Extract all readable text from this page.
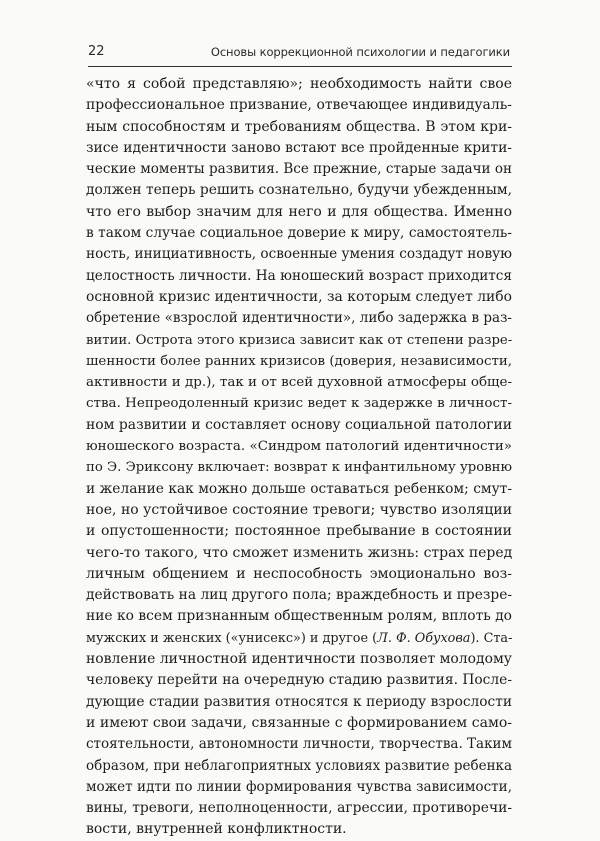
22	Основы коррекционной психологии и педагогики
«что я собой представляю»; необходимость найти свое
профессиональное призвание, отвечающее индивидуаль-
ным способностям и требованиям общества. В этом кри-
зисе идентичности заново встают все пройденные крити-
ческие моменты развития. Все прежние, старые задачи он
должен теперь решить сознательно, будучи убежденным,
что его выбор значим для него и для общества. Именно
в таком случае социальное доверие к миру, самостоятель-
ность, инициативность, освоенные умения создадут новую
целостность личности. На юношеский возраст приходится
основной кризис идентичности, за которым следует либо
обретение «взрослой идентичности», либо задержка в раз-
витии. Острота этого кризиса зависит как от степени разре-
шенности более ранних кризисов (доверия, независимости,
активности и др.), так и от всей духовной атмосферы обще-
ства. Непреодоленный кризис ведет к задержке в личност-
ном развитии и составляет основу социальной патологии
юношеского возраста. «Синдром патологий идентичности»
по Э. Эриксону включает: возврат к инфантильному уровню
и желание как можно дольше оставаться ребенком; смут-
ное, но устойчивое состояние тревоги; чувство изоляции
и опустошенности; постоянное пребывание в состоянии
чего-то такого, что сможет изменить жизнь: страх перед
личным общением и неспособность эмоционально воз-
действовать на лиц другого пола; враждебность и презре-
ние ко всем признанным общественным ролям, вплоть до
мужских и женских («унисекс») и другое (Л. Ф. Обухова). Ста-
новление личностной идентичности позволяет молодому
человеку перейти на очередную стадию развития. После-
дующие стадии развития относятся к периоду взрослости
и имеют свои задачи, связанные с формированием само-
стоятельности, автономности личности, творчества. Таким
образом, при неблагоприятных условиях развитие ребенка
может идти по линии формирования чувства зависимости,
вины, тревоги, неполноценности, агрессии, противоречи-
вости, внутренней конфликтности.
